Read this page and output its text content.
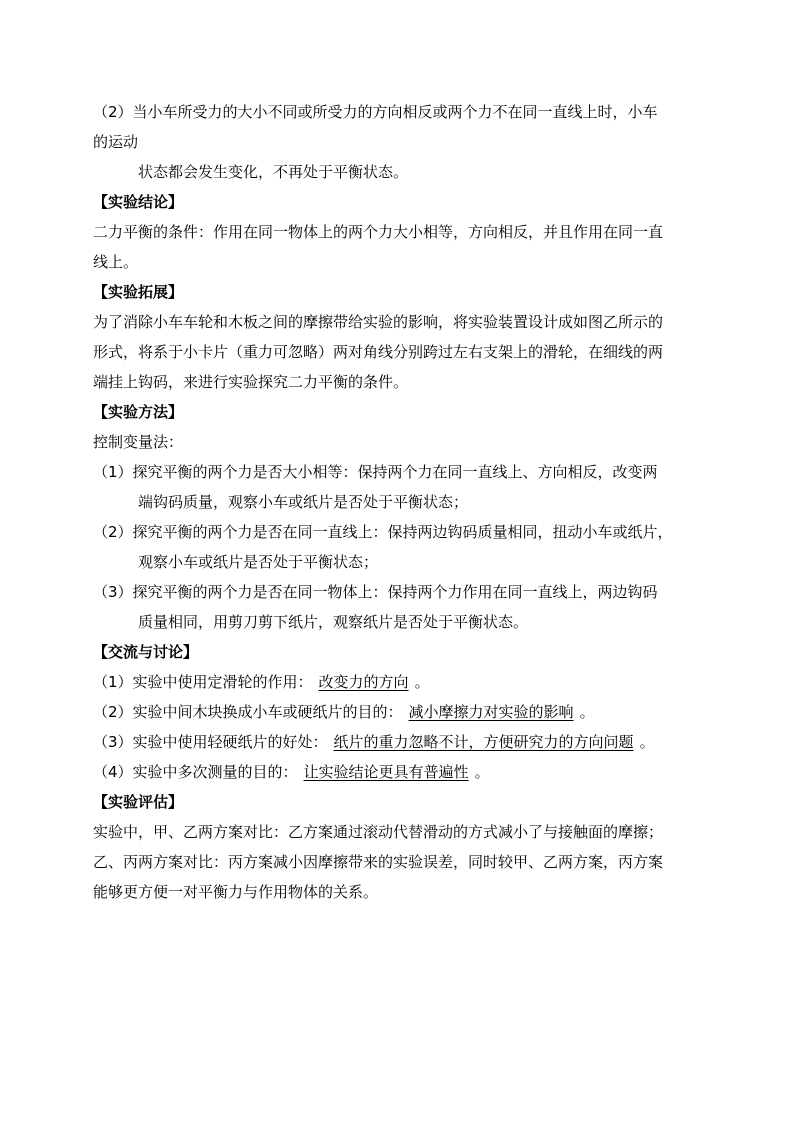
（2）当小车所受力的大小不同或所受力的方向相反或两个力不在同一直线上时，小车
的运动
状态都会发生变化，不再处于平衡状态。
【实验结论】
二力平衡的条件：作用在同一物体上的两个力大小相等，方向相反，并且作用在同一直
线上。
【实验拓展】
为了消除小车车轮和木板之间的摩擦带给实验的影响，将实验装置设计成如图乙所示的
形式，将系于小卡片（重力可忽略）两对角线分别跨过左右支架上的滑轮，在细线的两
端挂上钩码，来进行实验探究二力平衡的条件。
【实验方法】
控制变量法：
（1）探究平衡的两个力是否大小相等：保持两个力在同一直线上、方向相反，改变两
端钩码质量，观察小车或纸片是否处于平衡状态；
（2）探究平衡的两个力是否在同一直线上：保持两边钩码质量相同，扭动小车或纸片，
观察小车或纸片是否处于平衡状态；
（3）探究平衡的两个力是否在同一物体上：保持两个力作用在同一直线上，两边钩码
质量相同，用剪刀剪下纸片，观察纸片是否处于平衡状态。
【交流与讨论】
（1）实验中使用定滑轮的作用： 改变力的方向 。
（2）实验中间木块换成小车或硬纸片的目的： 减小摩擦力对实验的影响 。
（3）实验中使用轻硬纸片的好处： 纸片的重力忽略不计，方便研究力的方向问题 。
（4）实验中多次测量的目的： 让实验结论更具有普遍性 。
【实验评估】
实验中，甲、乙两方案对比：乙方案通过滚动代替滑动的方式减小了与接触面的摩擦；
乙、丙两方案对比：丙方案减小因摩擦带来的实验误差，同时较甲、乙两方案，丙方案
能够更方便一对平衡力与作用物体的关系。
